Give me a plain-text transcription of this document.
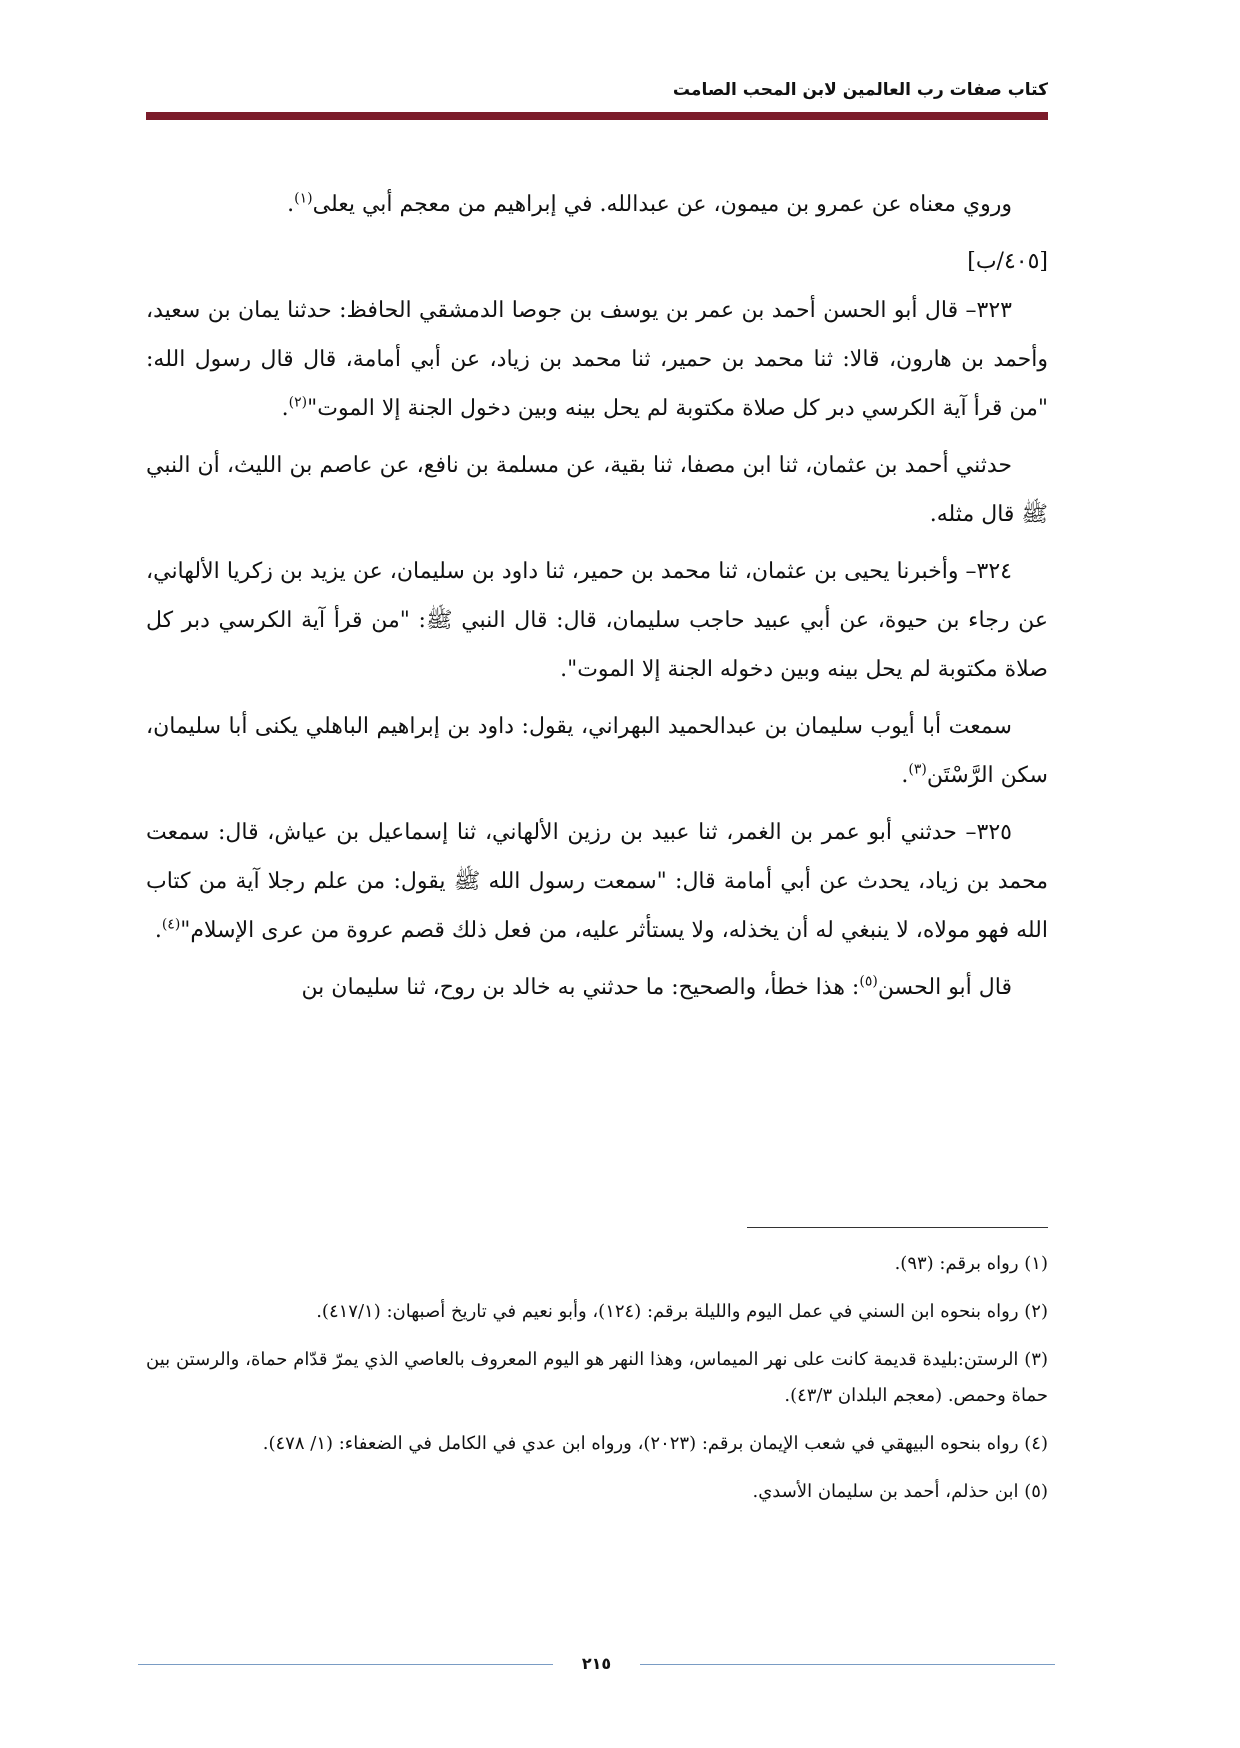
كتاب صفات رب العالمين لابن المحب الصامت

وروي معناه عن عمرو بن ميمون، عن عبدالله. في إبراهيم من معجم أبي يعلى$^{(١)}$.

[٤٠٥/ب]

٣٢٣– قال أبو الحسن أحمد بن عمر بن يوسف بن جوصا الدمشقي الحافظ: حدثنا يمان بن سعيد، وأحمد بن هارون، قالا: ثنا محمد بن حمير، ثنا محمد بن زياد، عن أبي أمامة، قال قال رسول الله: "من قرأ آية الكرسي دبر كل صلاة مكتوبة لم يحل بينه وبين دخول الجنة إلا الموت"$^{(٢)}$.

حدثني أحمد بن عثمان، ثنا ابن مصفا، ثنا بقية، عن مسلمة بن نافع، عن عاصم بن الليث، أن النبي ﷺ قال مثله.

٣٢٤– وأخبرنا يحيى بن عثمان، ثنا محمد بن حمير، ثنا داود بن سليمان، عن يزيد بن زكريا الألهاني، عن رجاء بن حيوة، عن أبي عبيد حاجب سليمان، قال: قال النبي ﷺ: "من قرأ آية الكرسي دبر كل صلاة مكتوبة لم يحل بينه وبين دخوله الجنة إلا الموت".

سمعت أبا أيوب سليمان بن عبدالحميد البهراني، يقول: داود بن إبراهيم الباهلي يكنى أبا سليمان، سكن الرَّسْتَن$^{(٣)}$.

٣٢٥– حدثني أبو عمر بن الغمر، ثنا عبيد بن رزين الألهاني، ثنا إسماعيل بن عياش، قال: سمعت محمد بن زياد، يحدث عن أبي أمامة قال: "سمعت رسول الله ﷺ يقول: من علم رجلا آية من كتاب الله فهو مولاه، لا ينبغي له أن يخذله، ولا يستأثر عليه، من فعل ذلك قصم عروة من عرى الإسلام"$^{(٤)}$.

قال أبو الحسن$^{(٥)}$: هذا خطأ، والصحيح: ما حدثني به خالد بن روح، ثنا سليمان بن

(١) رواه برقم: (٩٣).

(٢) رواه بنحوه ابن السني في عمل اليوم والليلة برقم: (١٢٤)، وأبو نعيم في تاريخ أصبهان: (٤١٧/١).

(٣) الرستن:بليدة قديمة كانت على نهر الميماس، وهذا النهر هو اليوم المعروف بالعاصي الذي يمرّ قدّام حماة، والرستن بين حماة وحمص. (معجم البلدان ٤٣/٣).

(٤) رواه بنحوه البيهقي في شعب الإيمان برقم: (٢٠٢٣)، ورواه ابن عدي في الكامل في الضعفاء: (١/ ٤٧٨).

(٥) ابن حذلم، أحمد بن سليمان الأسدي.

٢١٥
